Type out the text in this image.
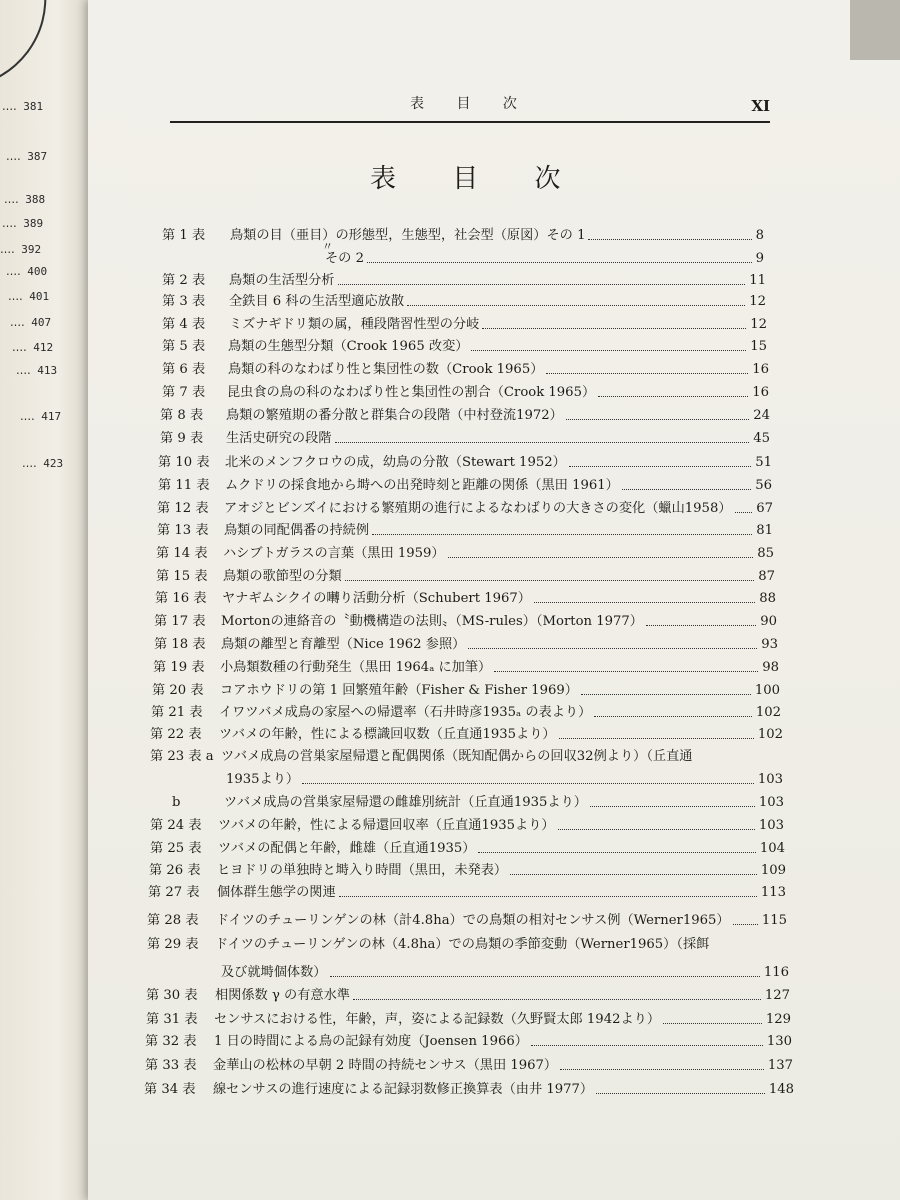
‥‥ 381
‥‥ 387
‥‥ 388
‥‥ 389
‥‥ 392
‥‥ 400
‥‥ 401
‥‥ 407
‥‥ 412
‥‥ 413
‥‥ 417
‥‥ 423
表 目 次	XI
表 目 次
第 1 表 鳥類の目（亜目）の形態型，生態型，社会型（原図）その 1	8
その 2	9
第 2 表 鳥類の生活型分析	11
第 3 表 全鉄目 6 科の生活型適応放散	12
第 4 表 ミズナギドリ類の属，種段階習性型の分岐	12
第 5 表 鳥類の生態型分類（Crook 1965 改変）	15
第 6 表 鳥類の科のなわばり性と集団性の数（Crook 1965）	16
第 7 表 昆虫食の鳥の科のなわばり性と集団性の割合（Crook 1965）	16
第 8 表 鳥類の繁殖期の番分散と群集合の段階（中村登流1972）	24
第 9 表 生活史研究の段階	45
第 10 表 北米のメンフクロウの成，幼鳥の分散（Stewart 1952）	51
第 11 表 ムクドリの採食地から塒への出発時刻と距離の関係（黒田 1961）	56
第 12 表 アオジとビンズイにおける繁殖期の進行によるなわばりの大きさの変化（蠟山1958） 67
第 13 表 鳥類の同配偶番の持続例	81
第 14 表 ハシブトガラスの言葉（黒田 1959）	85
第 15 表 鳥類の歌節型の分類	87
第 16 表 ヤナギムシクイの囀り活動分析（Schubert 1967）	88
第 17 表 Mortonの連絡音の〝動機構造の法則〟（MS-rules）（Morton 1977）	90
第 18 表 鳥類の離型と育離型（Nice 1962 参照）	93
第 19 表 小鳥類数種の行動発生（黒田 1964ₐ に加筆）	98
第 20 表 コアホウドリの第 1 回繁殖年齢（Fisher & Fisher 1969）	100
第 21 表 イワツバメ成鳥の家屋への帰還率（石井時彦1935ₐ の表より）	102
第 22 表 ツバメの年齢，性による標識回収数（丘直通1935より）	102
第 23 表 a ツバメ成鳥の営巣家屋帰還と配偶関係（既知配偶からの回収32例より）（丘直通
1935より）	103
b	ツバメ成鳥の営巣家屋帰還の雌雄別統計（丘直通1935より）	103
第 24 表 ツバメの年齢，性による帰還回収率（丘直通1935より）	103
第 25 表 ツバメの配偶と年齢，雌雄（丘直通1935）	104
第 26 表 ヒヨドリの単独時と塒入り時間（黒田，未発表）	109
第 27 表 個体群生態学の関連	113
第 28 表 ドイツのチューリンゲンの林（計4.8ha）での鳥類の相対センサス例（Werner1965） 115
第 29 表 ドイツのチューリンゲンの林（4.8ha）での鳥類の季節変動（Werner1965）（採餌
及び就塒個体数）	116
第 30 表 相関係数 γ の有意水準	127
第 31 表 センサスにおける性，年齢，声，姿による記録数（久野賢太郎 1942より）	129
第 32 表 1 日の時間による鳥の記録有効度（Joensen 1966）	130
第 33 表 金華山の松林の早朝 2 時間の持続センサス（黒田 1967）	137
第 34 表 線センサスの進行速度による記録羽数修正換算表（由井 1977）	148
〃
